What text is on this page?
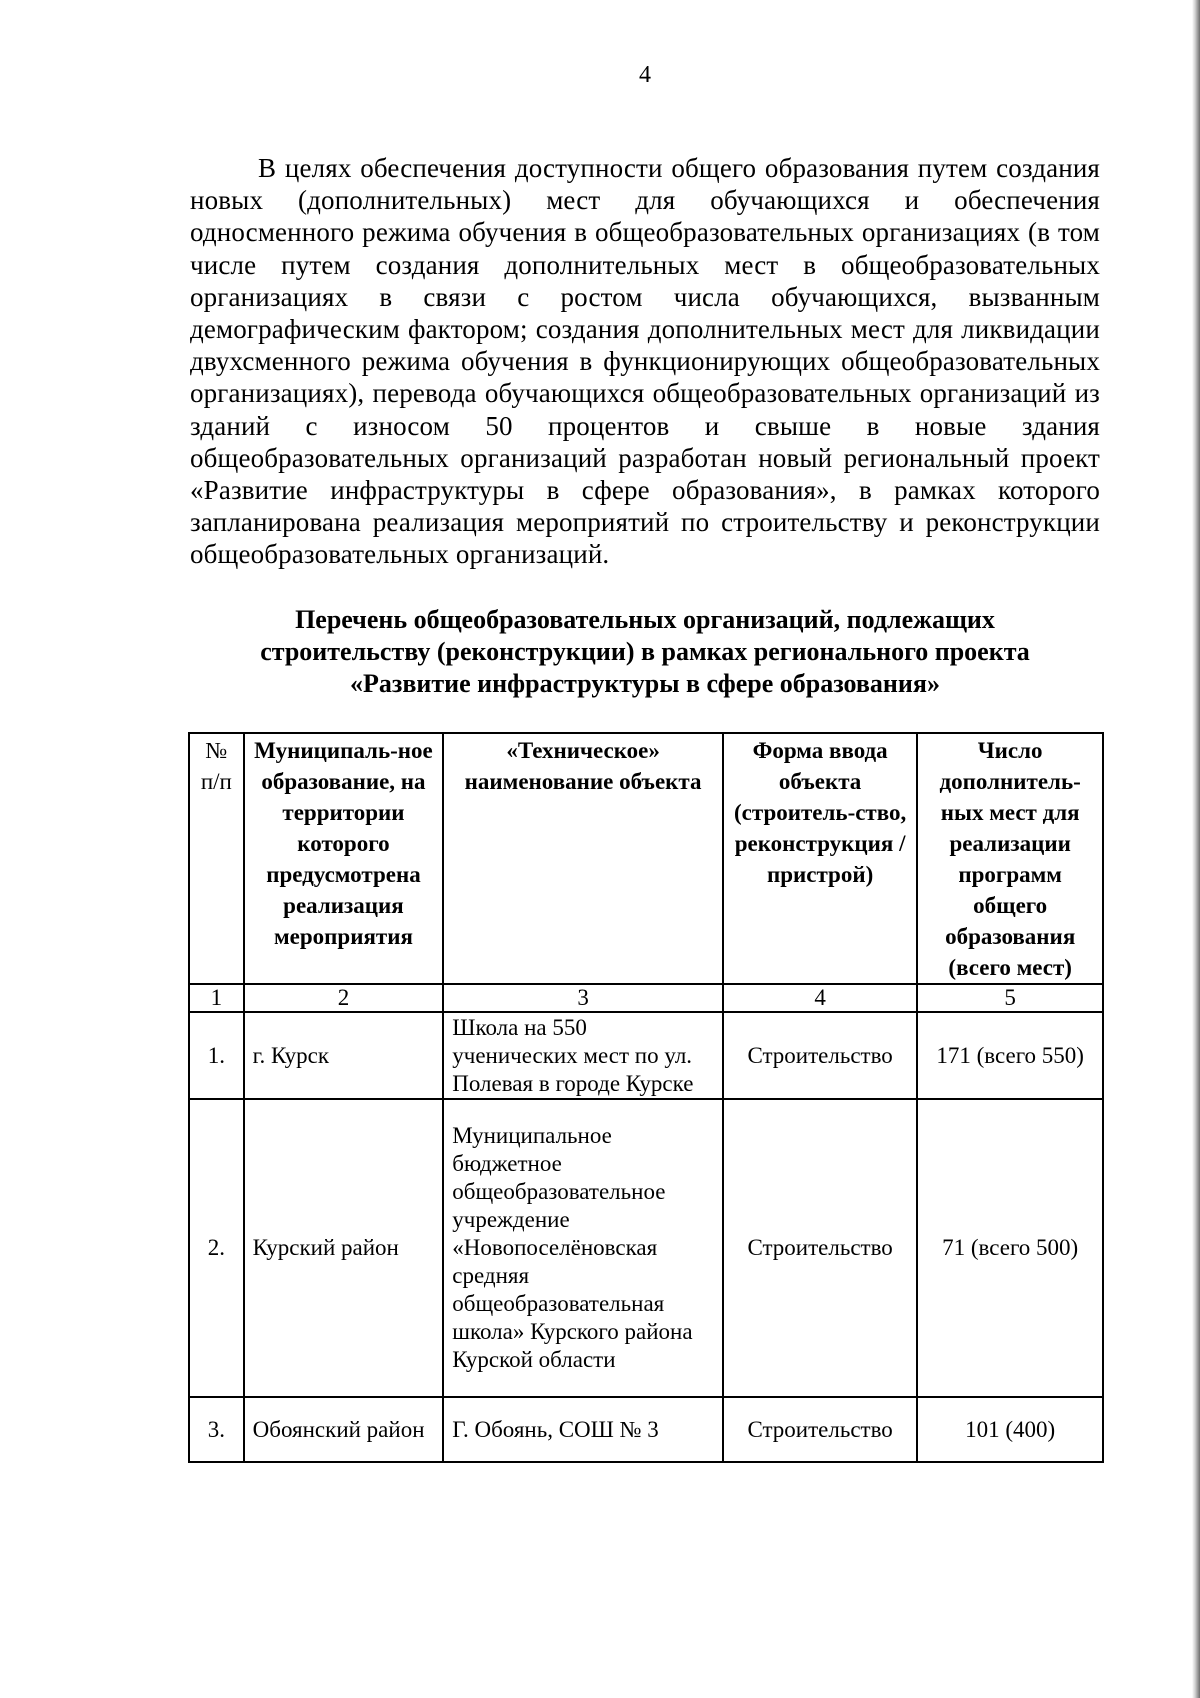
4

В целях обеспечения доступности общего образования путем создания новых (дополнительных) мест для обучающихся и обеспечения односменного режима обучения в общеобразовательных организациях (в том числе путем создания дополнительных мест в общеобразовательных организациях в связи с ростом числа обучающихся, вызванным демографическим фактором; создания дополнительных мест для ликвидации двухсменного режима обучения в функционирующих общеобразовательных организациях), перевода обучающихся общеобразовательных организаций из зданий с износом 50 процентов и свыше в новые здания общеобразовательных организаций разработан новый региональный проект «Развитие инфраструктуры в сфере образования», в рамках которого запланирована реализация мероприятий по строительству и реконструкции общеобразовательных организаций.

Перечень общеобразовательных организаций, подлежащих
строительству (реконструкции) в рамках регионального проекта
«Развитие инфраструктуры в сфере образования»
№ п/п	Муниципаль-ное образование, на территории которого предусмотрена реализация мероприятия	«Техническое» наименование объекта	Форма ввода объекта (строитель-ство, реконструкция / пристрой)	Число дополнитель-ных мест для реализации программ общего образования (всего мест)
1	2	3	4	5
1.	г. Курск	Школа на 550 ученических мест по ул. Полевая в городе Курске	Строительство	171 (всего 550)
2.	Курский район	Муниципальное бюджетное общеобразовательное учреждение «Новопоселёновская средняя общеобразовательная школа» Курского района Курской области	Строительство	71 (всего 500)
3.	Обоянский район	Г. Обоянь, СОШ № 3	Строительство	101 (400)
